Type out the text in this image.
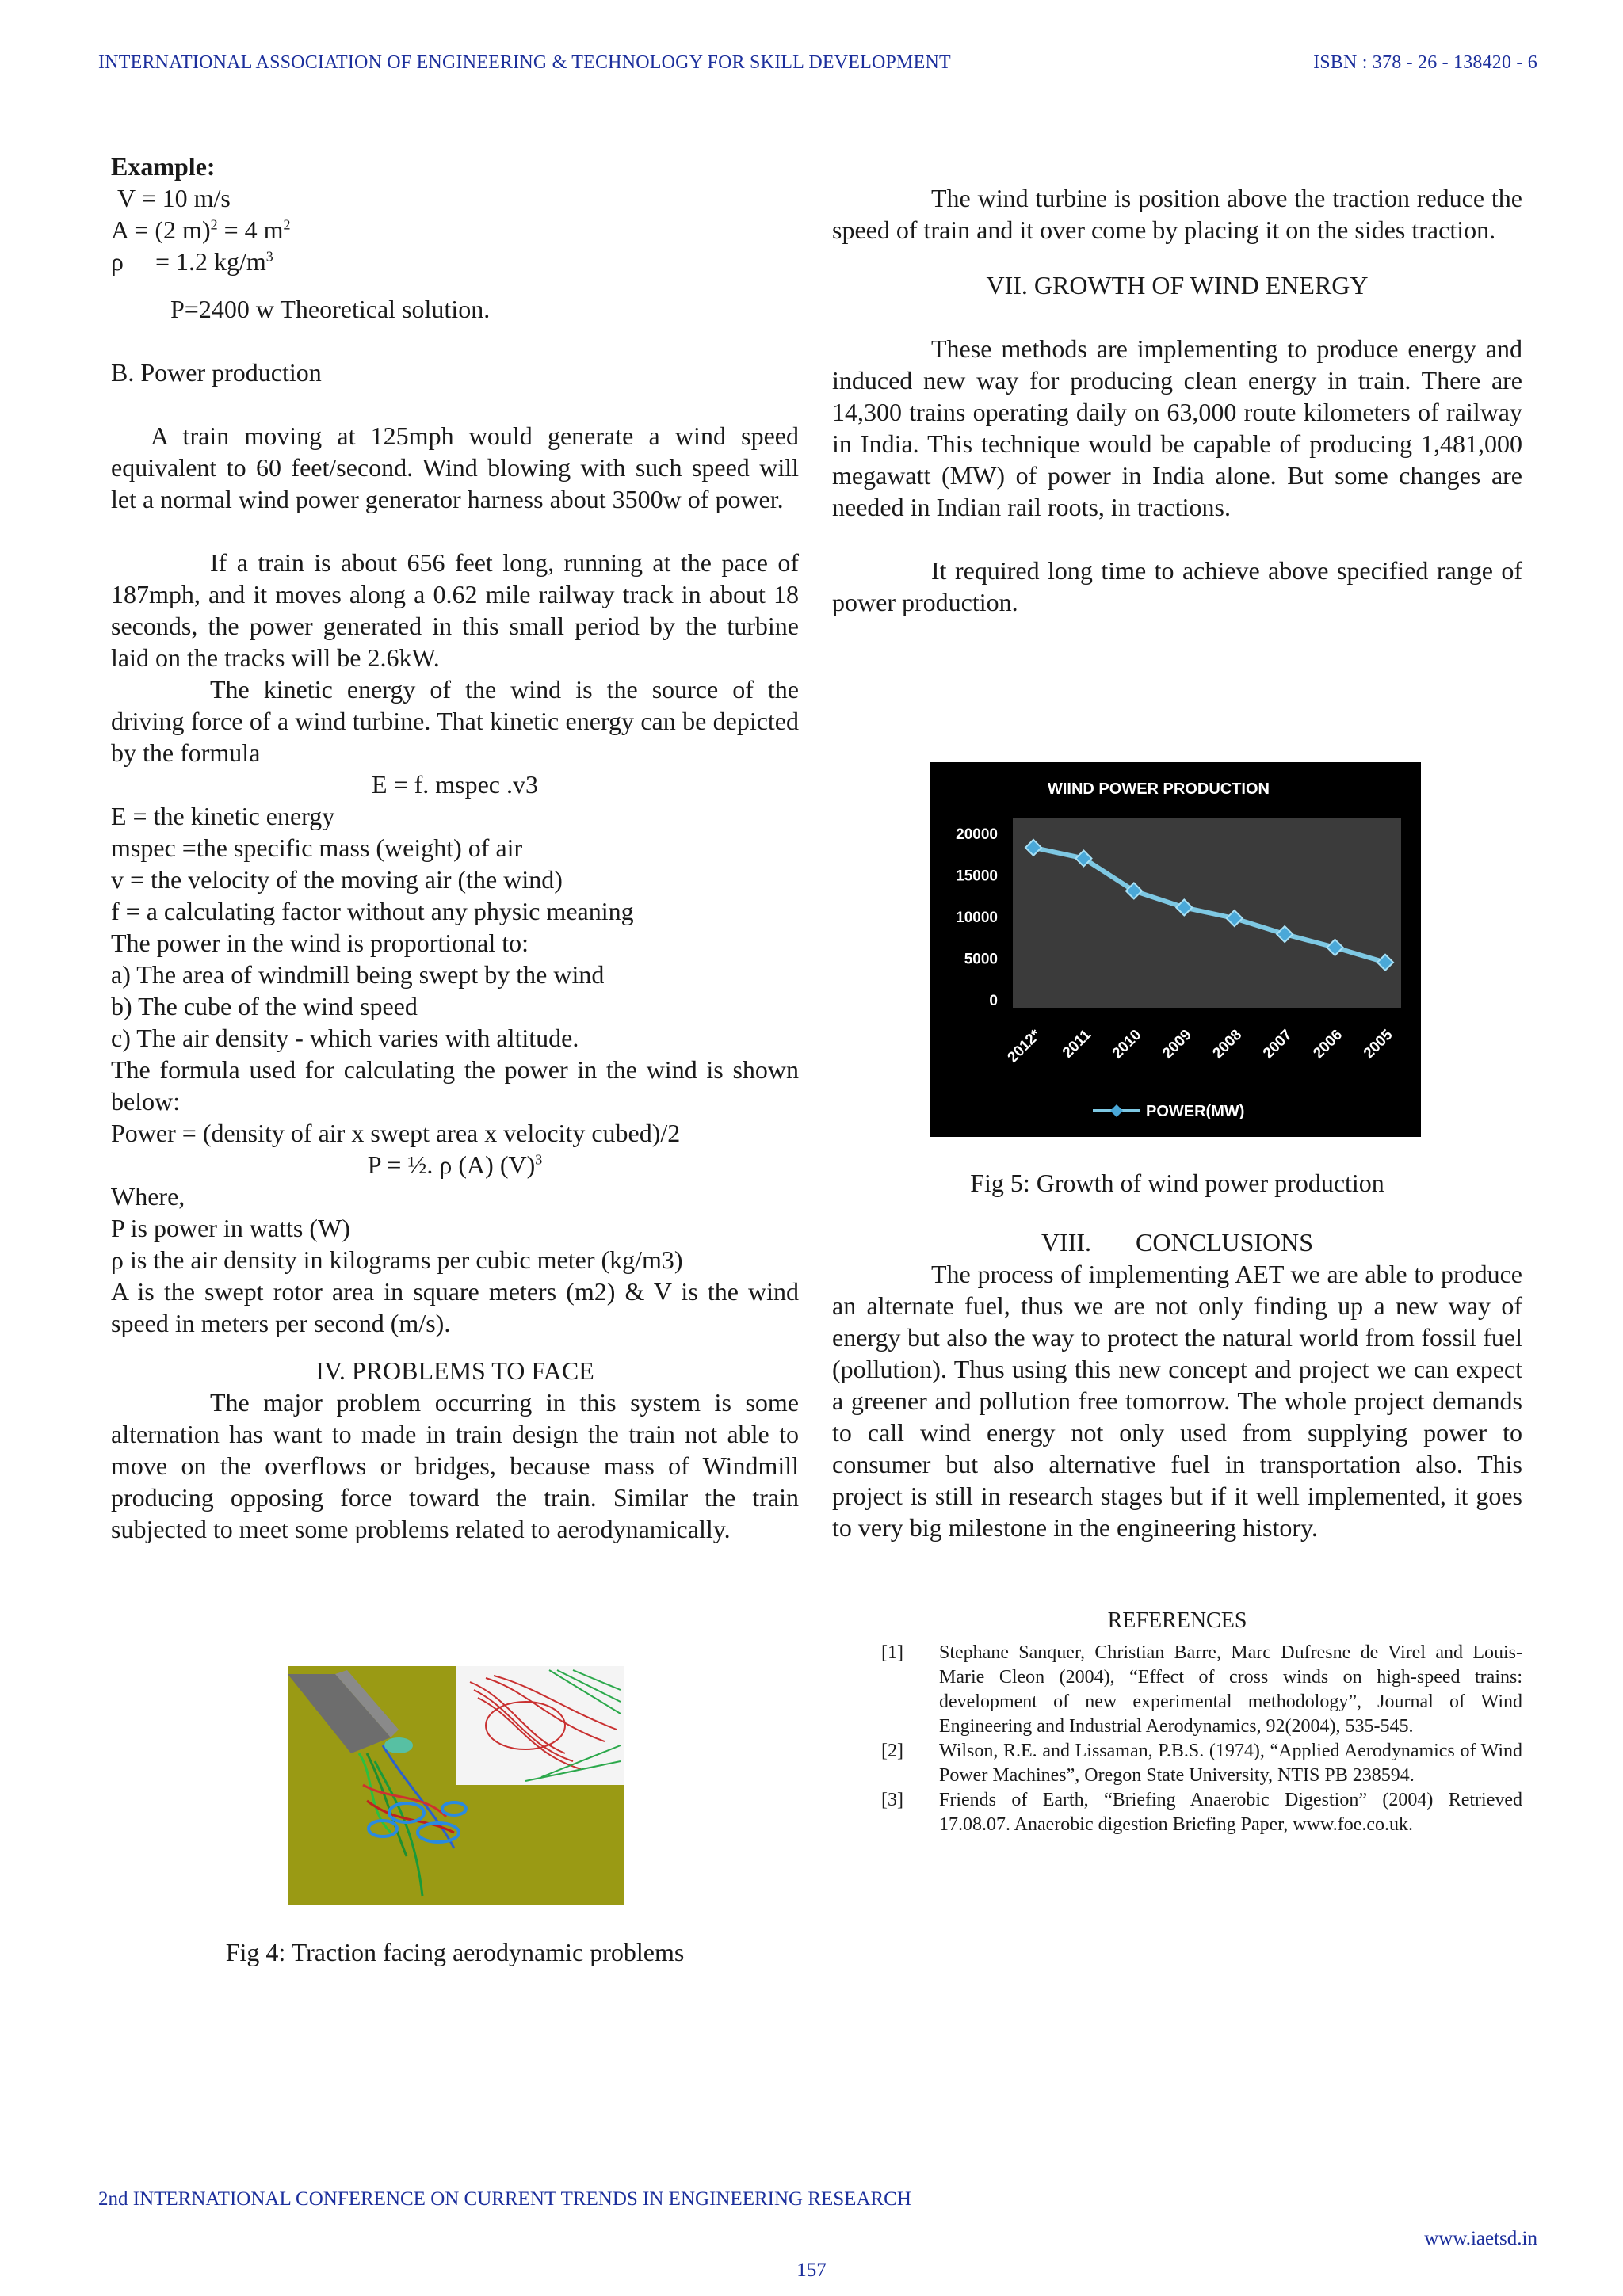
INTERNATIONAL ASSOCIATION OF ENGINEERING & TECHNOLOGY FOR SKILL DEVELOPMENT	ISBN : 378 - 26 - 138420 - 6

Example:

V = 10 m/s

A = (2 m)$^2$ = 4 $m^2$

ρ = 1.2 $kg/m^3$

P=2400 w Theoretical solution.

B. Power production

A train moving at 125mph would generate a wind speed equivalent to 60 feet/second. Wind blowing with such speed will let a normal wind power generator harness about 3500w of power.

If a train is about 656 feet long, running at the pace of 187mph, and it moves along a 0.62 mile railway track in about 18 seconds, the power generated in this small period by the turbine laid on the tracks will be 2.6kW.

The kinetic energy of the wind is the source of the driving force of a wind turbine. That kinetic energy can be depicted by the formula

E = f. mspec .v3

E = the kinetic energy

mspec =the specific mass (weight) of air

v = the velocity of the moving air (the wind)

f = a calculating factor without any physic meaning

The power in the wind is proportional to:

a) The area of windmill being swept by the wind

b) The cube of the wind speed

c) The air density - which varies with altitude.

The formula used for calculating the power in the wind is shown below:

Power = (density of air x swept area x velocity cubed)/2

P = ½. ρ (A) $(V)^3$

Where,

P is power in watts (W)

ρ is the air density in kilograms per cubic meter (kg/m3)

A is the swept rotor area in square meters (m2) & V is the wind speed in meters per second (m/s).

IV. PROBLEMS TO FACE

The major problem occurring in this system is some alternation has want to made in train design the train not able to move on the overflows or bridges, because mass of Windmill producing opposing force toward the train. Similar the train subjected to meet some problems related to aerodynamically.

Fig 4: Traction facing aerodynamic problems

The wind turbine is position above the traction reduce the speed of train and it over come by placing it on the sides traction.

VII. GROWTH OF WIND ENERGY

These methods are implementing to produce energy and induced new way for producing clean energy in train. There are 14,300 trains operating daily on 63,000 route kilometers of railway in India. This technique would be capable of producing 1,481,000 megawatt (MW) of power in India alone. But some changes are needed in Indian rail roots, in tractions.

It required long time to achieve above specified range of power production.

WIIND POWER PRODUCTION
20000
15000
10000
5000
0
2012* 2011 2010 2009 2008 2007 2006 2005
POWER(MW)
Fig 5: Growth of wind power production

VIII. CONCLUSIONS

The process of implementing AET we are able to produce an alternate fuel, thus we are not only finding up a new way of energy but also the way to protect the natural world from fossil fuel (pollution). Thus using this new concept and project we can expect a greener and pollution free tomorrow. The whole project demands to call wind energy not only used from supplying power to consumer but also alternative fuel in transportation also. This project is still in research stages but if it well implemented, it goes to very big milestone in the engineering history.

REFERENCES
[1] Stephane Sanquer, Christian Barre, Marc Dufresne de Virel and Louis-Marie Cleon (2004), “Effect of cross winds on high-speed trains: development of new experimental methodology”, Journal of Wind Engineering and Industrial Aerodynamics, 92(2004), 535-545.
[2] Wilson, R.E. and Lissaman, P.B.S. (1974), “Applied Aerodynamics of Wind Power Machines”, Oregon State University, NTIS PB 238594.
[3] Friends of Earth, “Briefing Anaerobic Digestion” (2004) Retrieved 17.08.07. Anaerobic digestion Briefing Paper, www.foe.co.uk.
2nd INTERNATIONAL CONFERENCE ON CURRENT TRENDS IN ENGINEERING RESEARCH
www.iaetsd.in
157
